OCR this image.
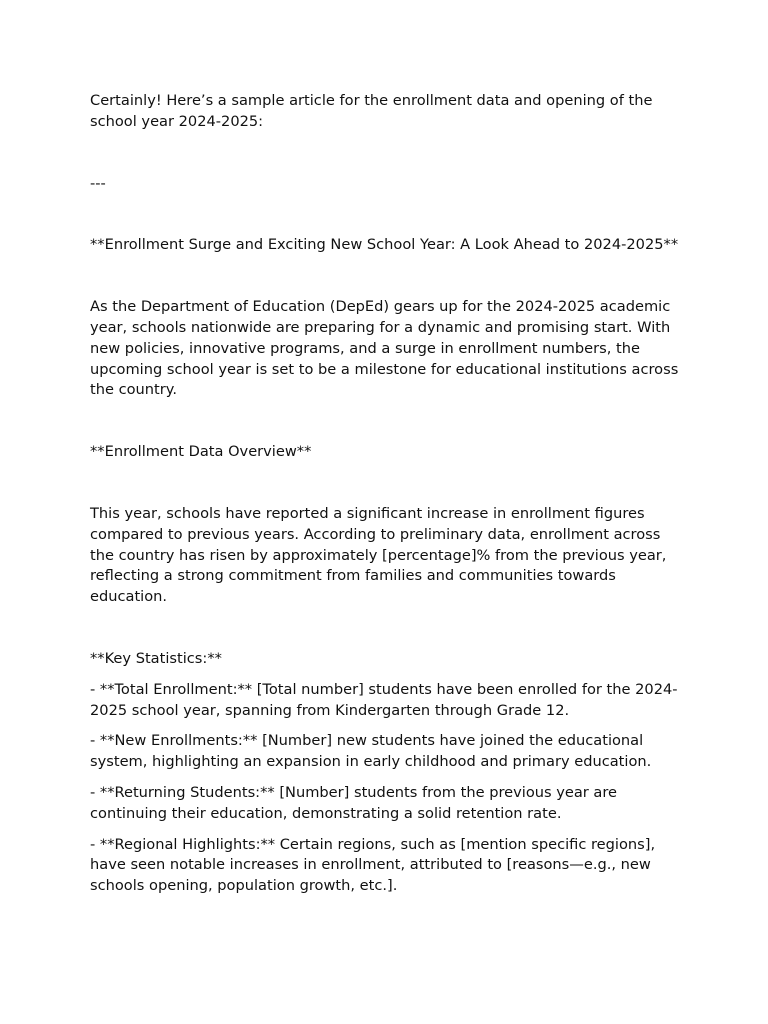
Certainly! Here’s a sample article for the enrollment data and opening of the school year 2024-2025:

---

**Enrollment Surge and Exciting New School Year: A Look Ahead to 2024-2025**

As the Department of Education (DepEd) gears up for the 2024-2025 academic year, schools nationwide are preparing for a dynamic and promising start. With new policies, innovative programs, and a surge in enrollment numbers, the upcoming school year is set to be a milestone for educational institutions across the country.

**Enrollment Data Overview**

This year, schools have reported a significant increase in enrollment figures compared to previous years. According to preliminary data, enrollment across the country has risen by approximately [percentage]% from the previous year, reflecting a strong commitment from families and communities towards education.

**Key Statistics:**

- **Total Enrollment:** [Total number] students have been enrolled for the 2024-2025 school year, spanning from Kindergarten through Grade 12.

- **New Enrollments:** [Number] new students have joined the educational system, highlighting an expansion in early childhood and primary education.

- **Returning Students:** [Number] students from the previous year are continuing their education, demonstrating a solid retention rate.

- **Regional Highlights:** Certain regions, such as [mention specific regions], have seen notable increases in enrollment, attributed to [reasons—e.g., new schools opening, population growth, etc.].
